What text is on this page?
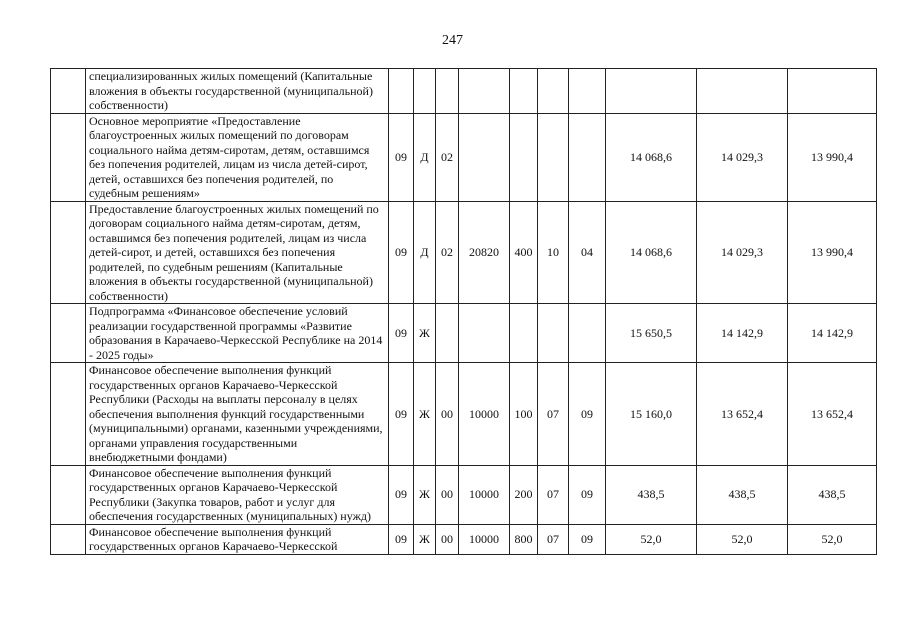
247
	специализированных жилых помещений (Капитальные вложения в объекты государственной (муниципальной) собственности)										
	Основное мероприятие «Предоставление благоустроенных жилых помещений по договорам социального найма детям-сиротам, детям, оставшимся без попечения родителей, лицам из числа детей-сирот, детей, оставшихся без попечения родителей, по судебным решениям»	09	Д	02					14 068,6	14 029,3	13 990,4
	Предоставление благоустроенных жилых помещений по договорам социального найма детям-сиротам, детям, оставшимся без попечения родителей, лицам из числа детей-сирот, и детей, оставшихся без попечения родителей, по судебным решениям (Капитальные вложения в объекты государственной (муниципальной) собственности)	09	Д	02	20820	400	10	04	14 068,6	14 029,3	13 990,4
	Подпрограмма «Финансовое обеспечение условий реализации государственной программы «Развитие образования в Карачаево-Черкесской Республике на 2014 - 2025 годы»	09	Ж						15 650,5	14 142,9	14 142,9
	Финансовое обеспечение выполнения функций государственных органов Карачаево-Черкесской Республики (Расходы на выплаты персоналу в целях обеспечения выполнения функций государственными (муниципальными) органами, казенными учреждениями, органами управления государственными внебюджетными фондами)	09	Ж	00	10000	100	07	09	15 160,0	13 652,4	13 652,4
	Финансовое обеспечение выполнения функций государственных органов Карачаево-Черкесской Республики (Закупка товаров, работ и услуг для обеспечения государственных (муниципальных) нужд)	09	Ж	00	10000	200	07	09	438,5	438,5	438,5
	Финансовое обеспечение выполнения функций государственных органов Карачаево-Черкесской	09	Ж	00	10000	800	07	09	52,0	52,0	52,0
